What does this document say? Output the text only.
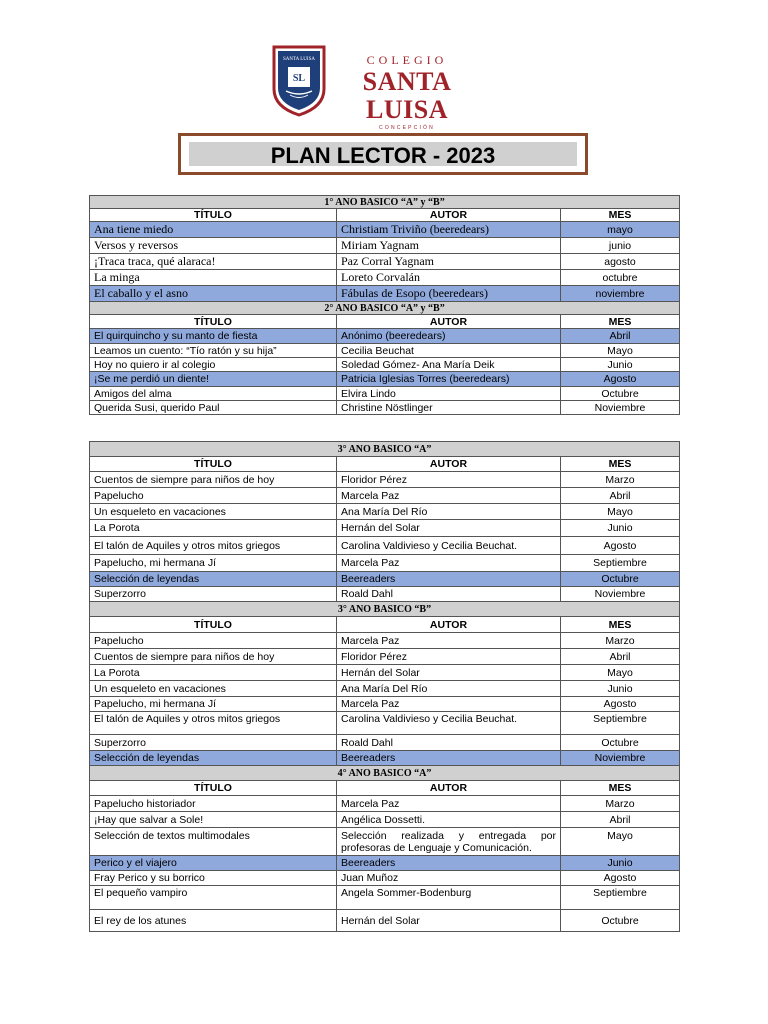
SANTA LUISA
SL
COLEGIO
SANTA LUISA
CONCEPCIÓN
PLAN LECTOR - 2023
1° ANO BASICO “A” y “B”		
TÍTULO	AUTOR	MES
Ana tiene miedo	Christiam Triviño (beeredears)	mayo
Versos y reversos	Miriam Yagnam	junio
¡Traca traca, qué alaraca!	Paz Corral Yagnam	agosto
La minga	Loreto Corvalán	octubre
El caballo y el asno	Fábulas de Esopo (beeredears)	noviembre
2° ANO BASICO “A” y “B”		
TÍTULO	AUTOR	MES
El quirquincho y su manto de fiesta	Anónimo (beeredears)	Abril
Leamos un cuento: “Tío ratón y su hija”	Cecilia Beuchat	Mayo
Hoy no quiero ir al colegio	Soledad Gómez- Ana María Deik	Junio
¡Se me perdió un diente!	Patricia Iglesias Torres (beeredears)	Agosto
Amigos del alma	Elvira Lindo	Octubre
Querida Susi, querido Paul	Christine Nöstlinger	Noviembre
3° ANO BASICO “A”		
TÍTULO	AUTOR	MES
Cuentos de siempre para niños de hoy	Floridor Pérez	Marzo
Papelucho	Marcela Paz	Abril
Un esqueleto en vacaciones	Ana María Del Río	Mayo
La Porota	Hernán del Solar	Junio
El talón de Aquiles y otros mitos griegos	Carolina Valdivieso y Cecilia Beuchat.	Agosto
Papelucho, mi hermana Jí	Marcela Paz	Septiembre
Selección de leyendas	Beereaders	Octubre
Superzorro	Roald Dahl	Noviembre
3° ANO BASICO “B”		
TÍTULO	AUTOR	MES
Papelucho	Marcela Paz	Marzo
Cuentos de siempre para niños de hoy	Floridor Pérez	Abril
La Porota	Hernán del Solar	Mayo
Un esqueleto en vacaciones	Ana María Del Río	Junio
Papelucho, mi hermana Jí	Marcela Paz	Agosto
El talón de Aquiles y otros mitos griegos	Carolina Valdivieso y Cecilia Beuchat.	Septiembre
Superzorro	Roald Dahl	Octubre
Selección de leyendas	Beereaders	Noviembre
4° ANO BASICO “A”		
TÍTULO	AUTOR	MES
Papelucho historiador	Marcela Paz	Marzo
¡Hay que salvar a Sole!	Angélica Dossetti.	Abril
Selección de textos multimodales	Selección realizada y entregada por profesoras de Lenguaje y Comunicación.	Mayo
Perico y el viajero	Beereaders	Junio
Fray Perico y su borrico	Juan Muñoz	Agosto
El pequeño vampiro	Angela Sommer-Bodenburg	Septiembre
El rey de los atunes	Hernán del Solar	Octubre
